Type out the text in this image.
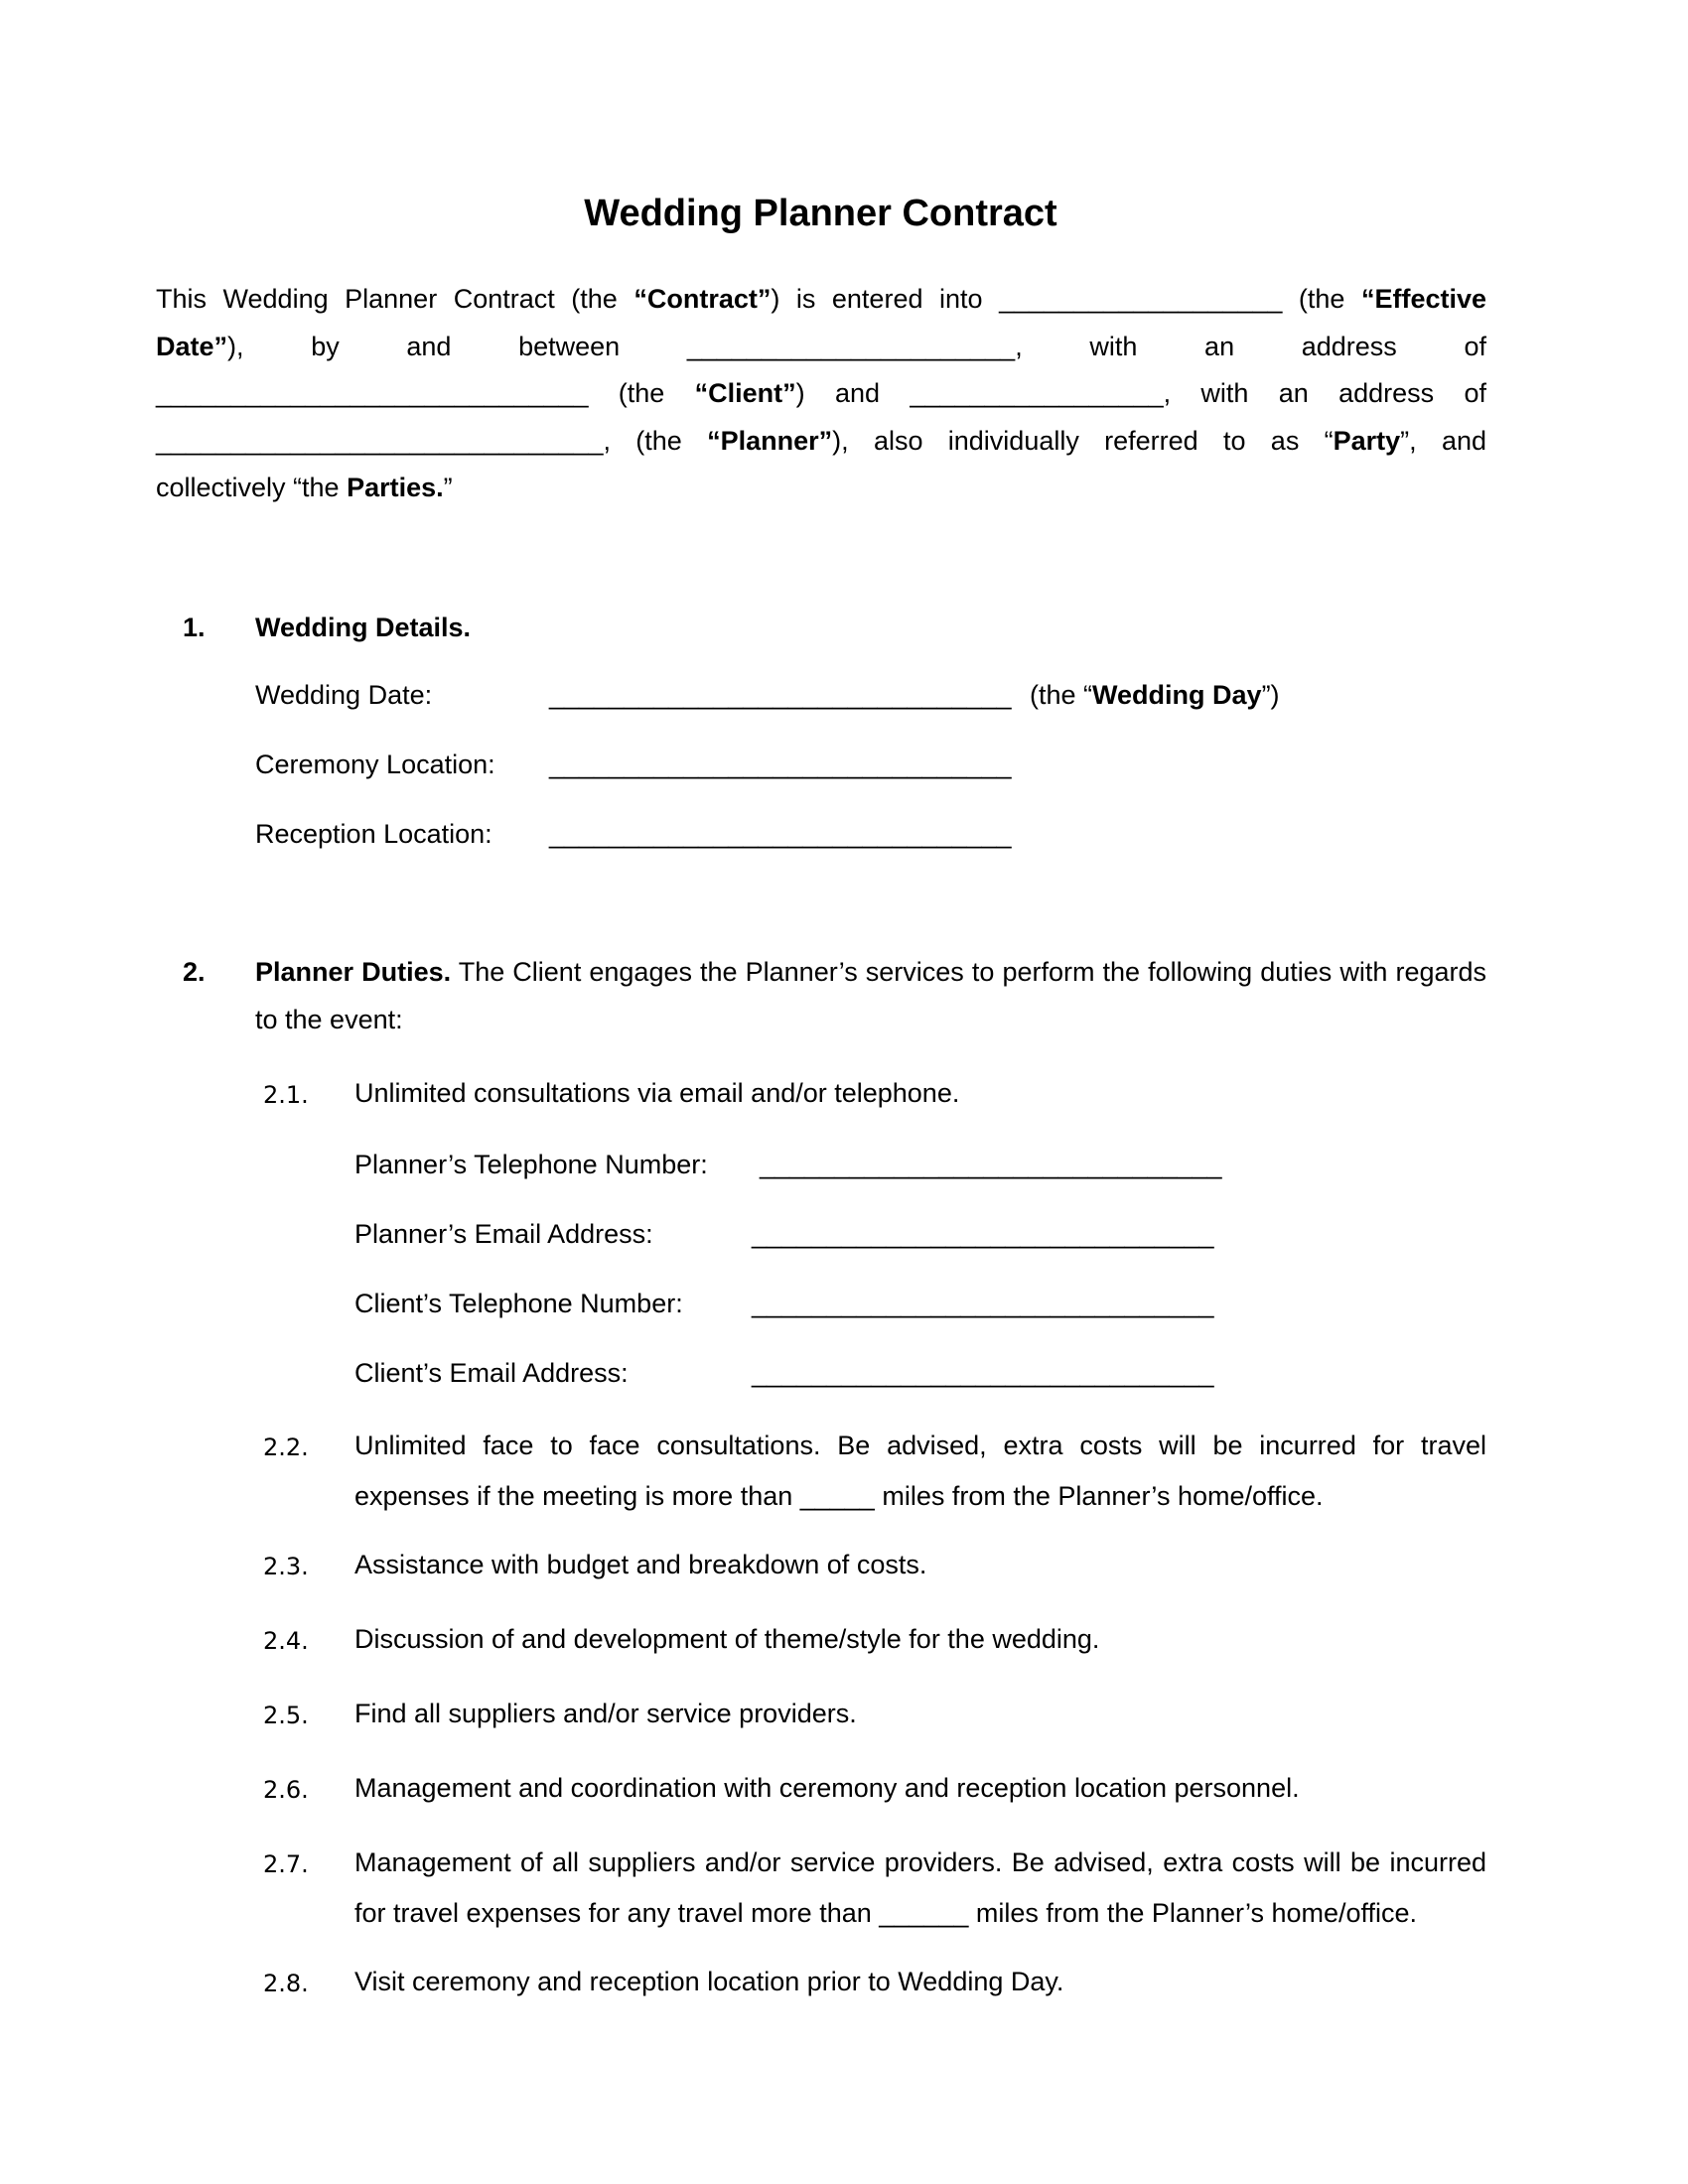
Wedding Planner Contract
This Wedding Planner Contract (the “Contract”) is entered into ___________________ (the “Effective
Date”), by and between ______________________, with an address of
_____________________________ (the “Client”) and _________________, with an address of
______________________________, (the “Planner”), also individually referred to as “Party”, and
collectively “the Parties.”
1. Wedding Details.
Wedding Date:	_______________________________ (the “Wedding Day”)
Ceremony Location: _______________________________
Reception Location: _______________________________
2. Planner Duties. The Client engages the Planner’s services to perform the following duties with regards
to the event:
2.1. Unlimited consultations via email and/or telephone.
Planner’s Telephone Number: _______________________________
Planner’s Email Address:	_______________________________
Client’s Telephone Number:	_______________________________
Client’s Email Address:	_______________________________
2.2. Unlimited face to face consultations. Be advised, extra costs will be incurred for travel
expenses if the meeting is more than _____ miles from the Planner’s home/office.
2.3. Assistance with budget and breakdown of costs.
2.4. Discussion of and development of theme/style for the wedding.
2.5. Find all suppliers and/or service providers.
2.6. Management and coordination with ceremony and reception location personnel.
2.7. Management of all suppliers and/or service providers. Be advised, extra costs will be incurred
for travel expenses for any travel more than ______ miles from the Planner’s home/office.
2.8. Visit ceremony and reception location prior to Wedding Day.
